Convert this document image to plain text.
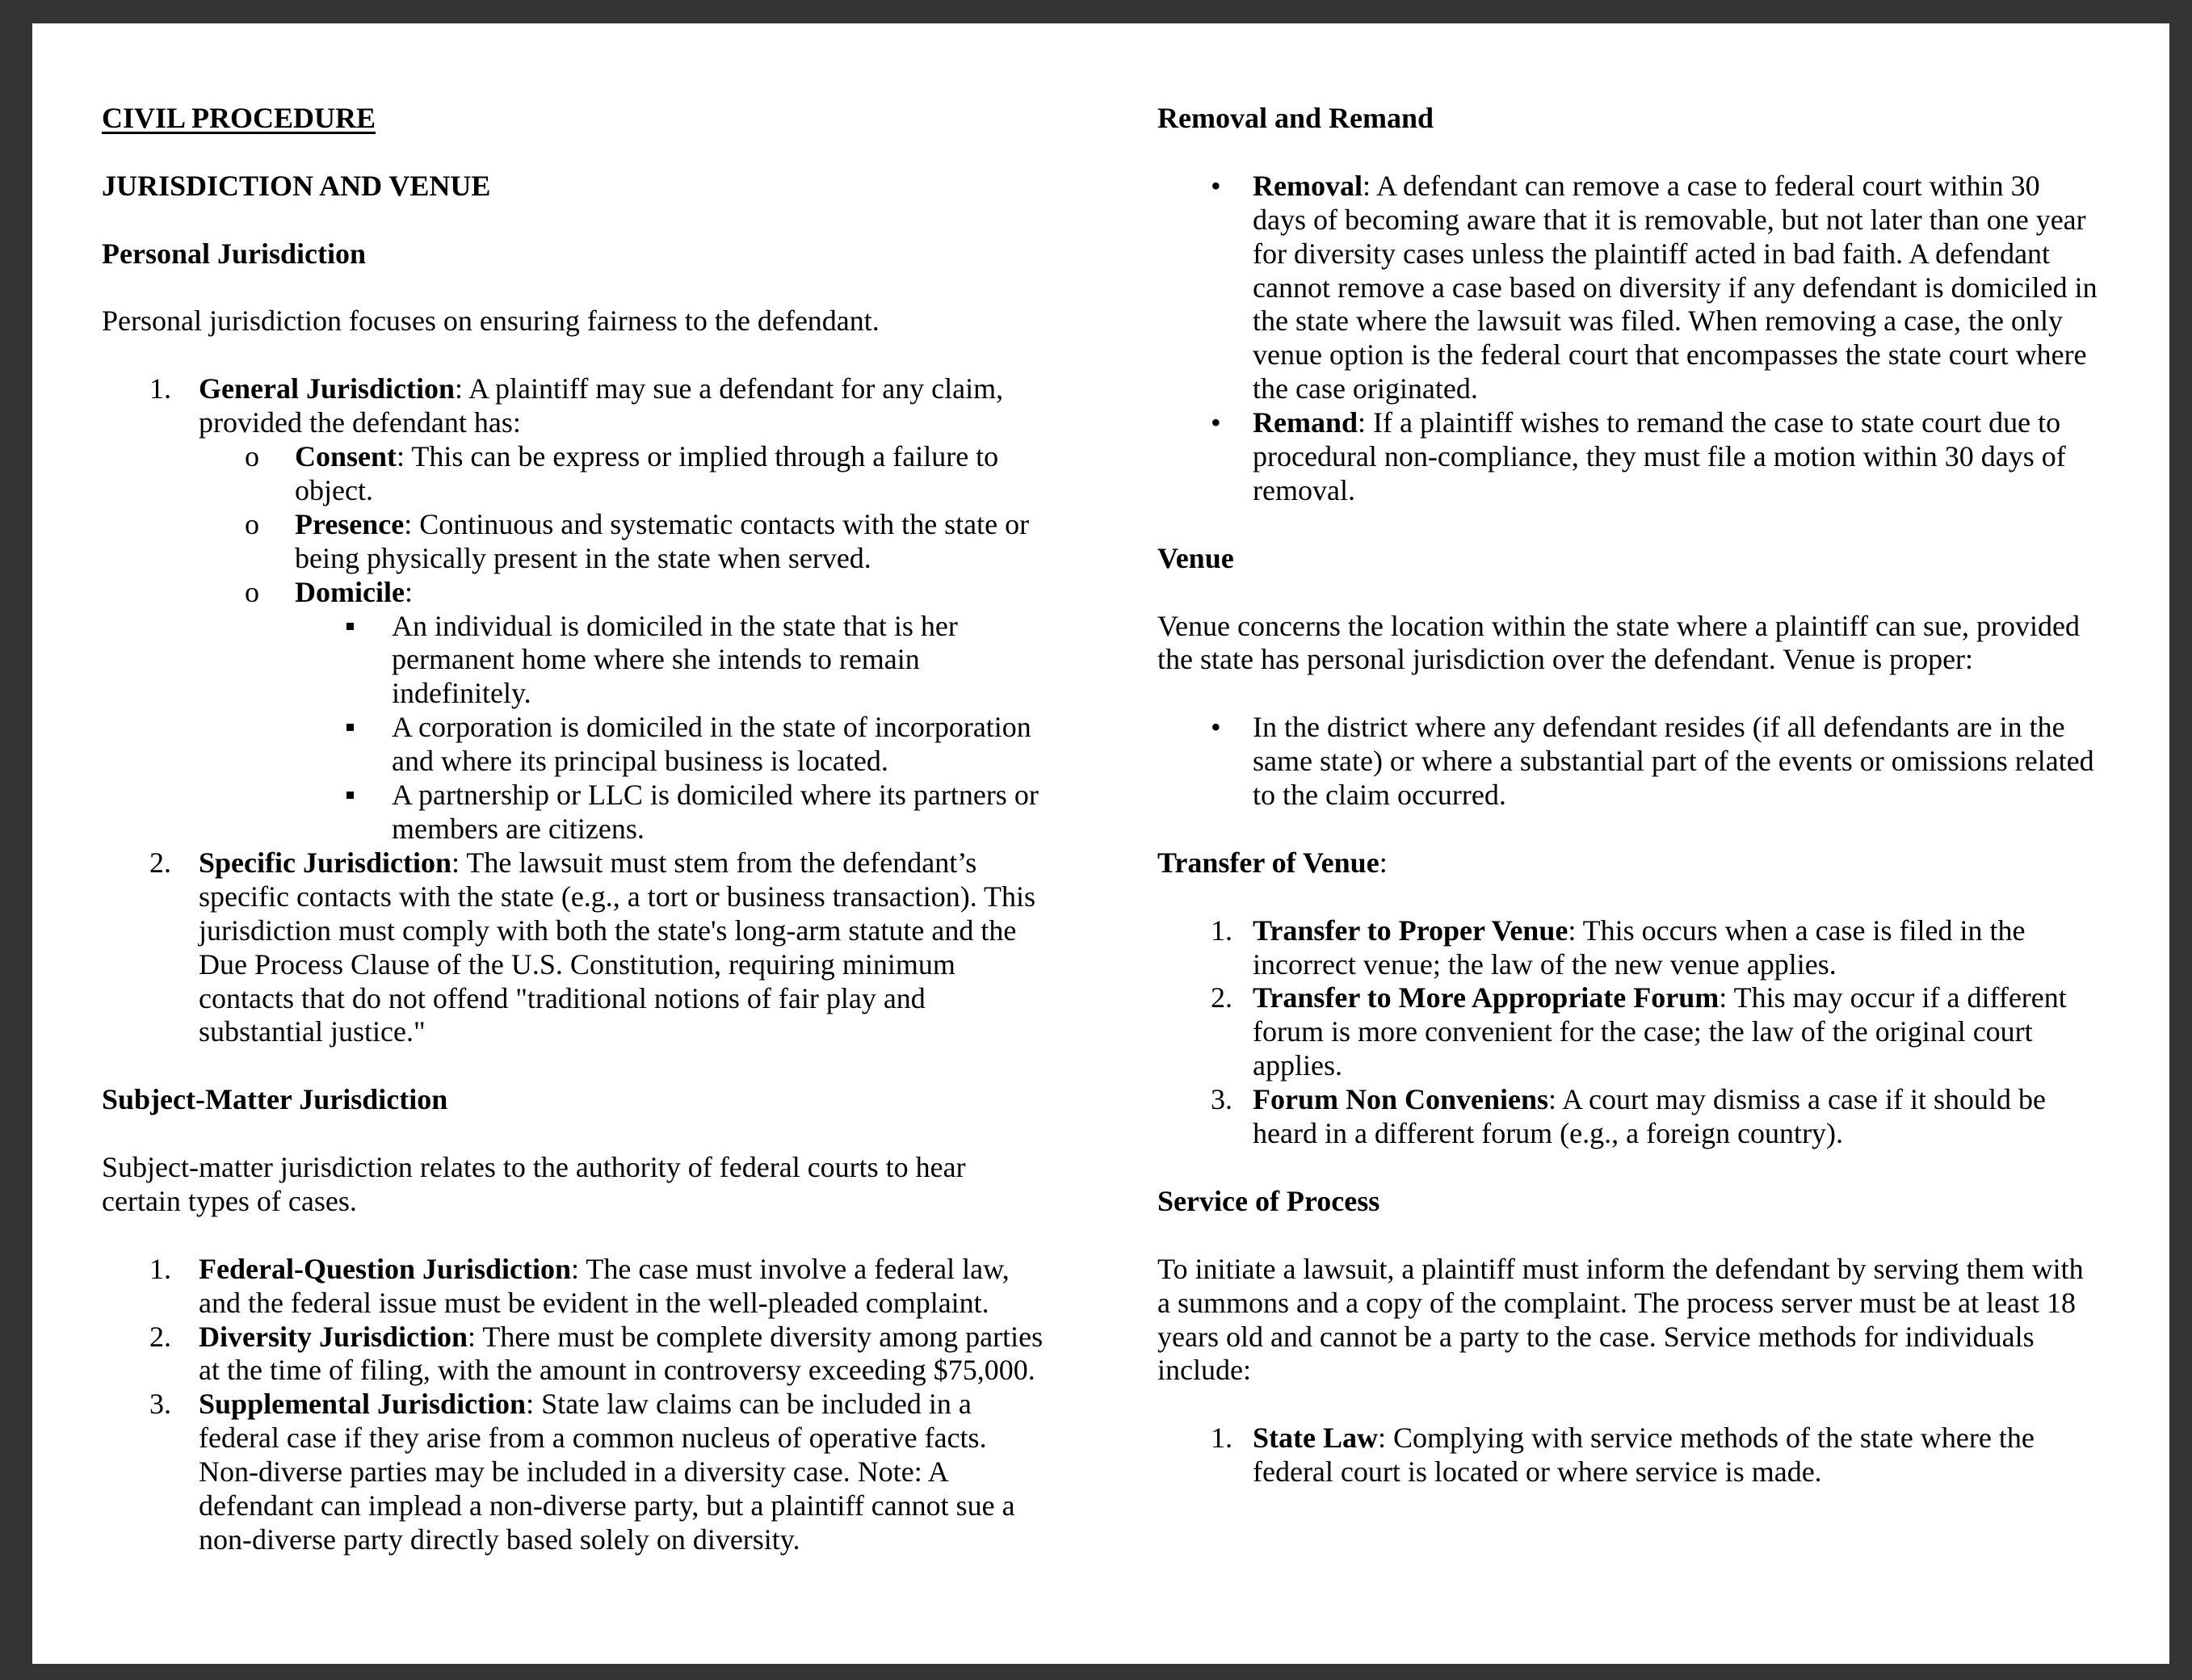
CIVIL PROCEDURE
JURISDICTION AND VENUE
Personal Jurisdiction
Personal jurisdiction focuses on ensuring fairness to the defendant.
1. General Jurisdiction: A plaintiff may sue a defendant for any claim,
provided the defendant has:
o Consent: This can be express or implied through a failure to
object.
o Presence: Continuous and systematic contacts with the state or
being physically present in the state when served.
o Domicile:
An individual is domiciled in the state that is her
permanent home where she intends to remain
indefinitely.
A corporation is domiciled in the state of incorporation
and where its principal business is located.
A partnership or LLC is domiciled where its partners or
members are citizens.
2. Specific Jurisdiction: The lawsuit must stem from the defendant’s
specific contacts with the state (e.g., a tort or business transaction). This
jurisdiction must comply with both the state's long-arm statute and the
Due Process Clause of the U.S. Constitution, requiring minimum
contacts that do not offend "traditional notions of fair play and
substantial justice."
Subject-Matter Jurisdiction
Subject-matter jurisdiction relates to the authority of federal courts to hear
certain types of cases.
1. Federal-Question Jurisdiction: The case must involve a federal law,
and the federal issue must be evident in the well-pleaded complaint.
2. Diversity Jurisdiction: There must be complete diversity among parties
at the time of filing, with the amount in controversy exceeding $75,000.
3. Supplemental Jurisdiction: State law claims can be included in a
federal case if they arise from a common nucleus of operative facts.
Non-diverse parties may be included in a diversity case. Note: A
defendant can implead a non-diverse party, but a plaintiff cannot sue a
non-diverse party directly based solely on diversity.
Removal and Remand
• Removal: A defendant can remove a case to federal court within 30
days of becoming aware that it is removable, but not later than one year
for diversity cases unless the plaintiff acted in bad faith. A defendant
cannot remove a case based on diversity if any defendant is domiciled in
the state where the lawsuit was filed. When removing a case, the only
venue option is the federal court that encompasses the state court where
the case originated.
• Remand: If a plaintiff wishes to remand the case to state court due to
procedural non-compliance, they must file a motion within 30 days of
removal.
Venue
Venue concerns the location within the state where a plaintiff can sue, provided
the state has personal jurisdiction over the defendant. Venue is proper:
• In the district where any defendant resides (if all defendants are in the
same state) or where a substantial part of the events or omissions related
to the claim occurred.
Transfer of Venue:
1. Transfer to Proper Venue: This occurs when a case is filed in the
incorrect venue; the law of the new venue applies.
2. Transfer to More Appropriate Forum: This may occur if a different
forum is more convenient for the case; the law of the original court
applies.
3. Forum Non Conveniens: A court may dismiss a case if it should be
heard in a different forum (e.g., a foreign country).
Service of Process
To initiate a lawsuit, a plaintiff must inform the defendant by serving them with
a summons and a copy of the complaint. The process server must be at least 18
years old and cannot be a party to the case. Service methods for individuals
include:
1. State Law: Complying with service methods of the state where the
federal court is located or where service is made.
